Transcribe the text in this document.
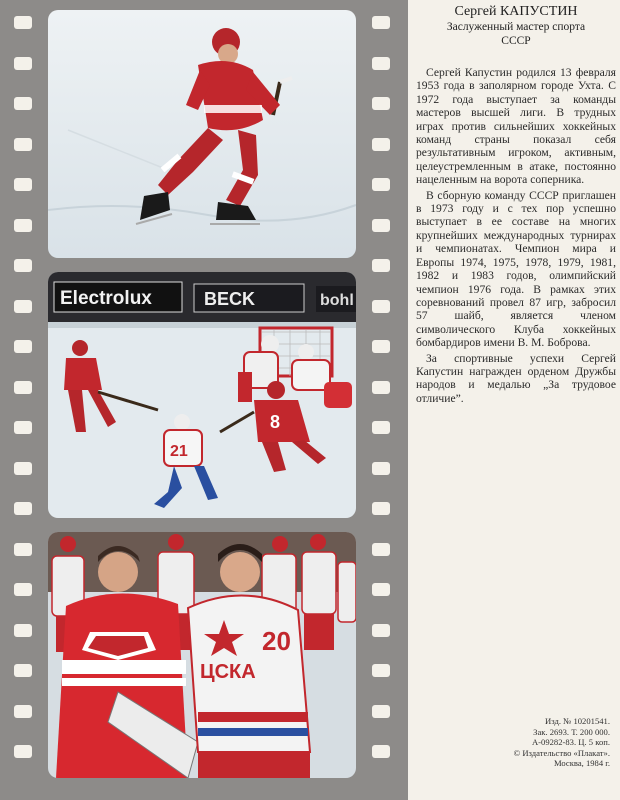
Electrolux	BECK	bohl
21
8
20
ЦСКА
Сергей КАПУСТИН
Заслуженный мастер спорта
СССР

Сергей Капустин родился 13 февраля 1953 года в заполярном городе Ухта. С 1972 года выступает за команды мастеров высшей лиги. В трудных играх против сильнейших хоккейных команд страны показал себя результативным игроком, активным, целеустремленным в атаке, постоянно нацеленным на ворота соперника.

В сборную команду СССР приглашен в 1973 году и с тех пор успешно выступает в ее составе на многих крупнейших международных турнирах и чемпионатах. Чемпион мира и Европы 1974, 1975, 1978, 1979, 1981, 1982 и 1983 годов, олимпийский чемпион 1976 года. В рамках этих соревнований провел 87 игр, забросил 57 шайб, является членом символического Клуба хоккейных бомбардиров имени В. М. Боброва.

За спортивные успехи Сергей Капустин награжден орденом Дружбы народов и медалью „За трудовое отличие”.

Изд. № 10201541.
Зак. 2693. Т. 200 000.
А-09282-83. Ц. 5 коп.
© Издательство «Плакат».
Москва, 1984 г.
